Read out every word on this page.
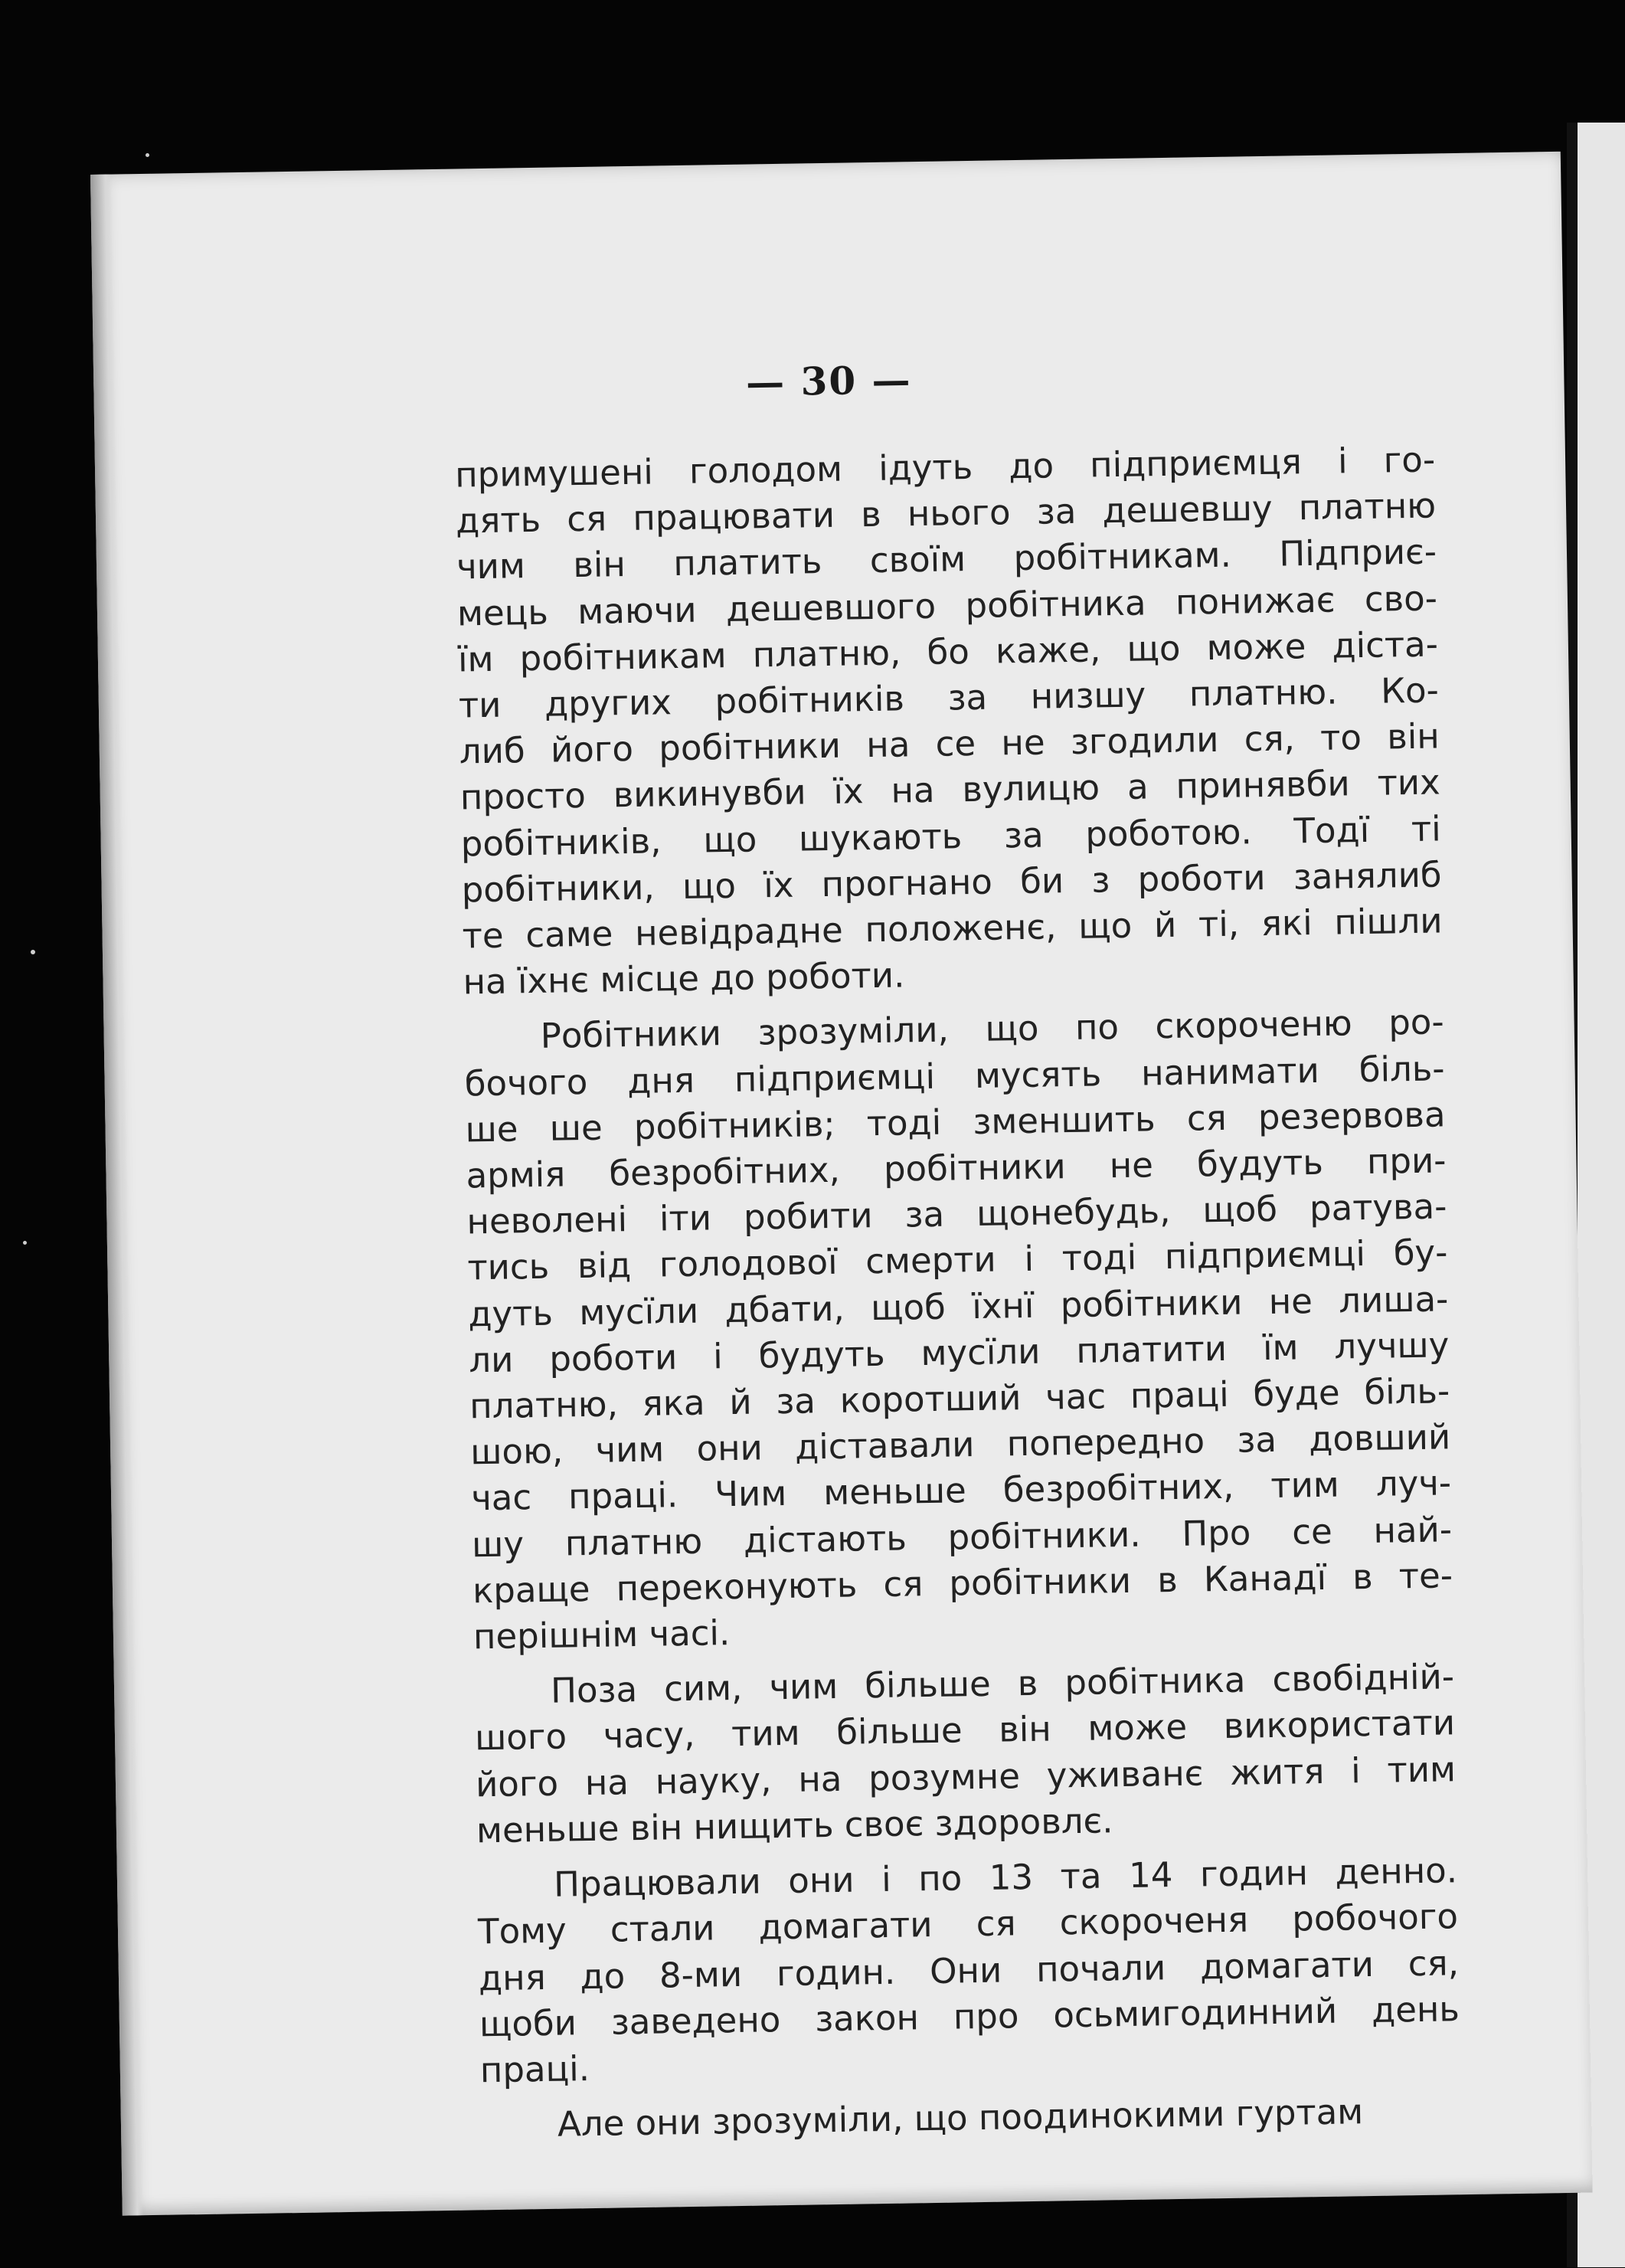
— 30 —
примушені голодом ідуть до підприємця і го-
дять ся працювати в нього за дешевшу платню
чим він платить своїм робітникам. Підприє-
мець маючи дешевшого робітника понижає сво-
їм робітникам платню, бо каже, що може діста-
ти других робітників за низшу платню. Ко-
либ його робітники на се не згодили ся, то він
просто викинувби їх на вулицю а принявби тих
робітників, що шукають за роботою. Тодї ті
робітники, що їх прогнано би з роботи занялиб
те саме невідрадне положенє, що й ті, які пішли
на їхнє місце до роботи.
Робітники зрозуміли, що по скороченю ро-
бочого дня підприємці мусять нанимати біль-
ше ше робітників; тоді зменшить ся резервова
армія безробітних, робітники не будуть при-
неволені іти робити за щонебудь, щоб ратува-
тись від голодової смерти і тоді підприємці бу-
дуть мусїли дбати, щоб їхнї робітники не лиша-
ли роботи і будуть мусїли платити їм лучшу
платню, яка й за коротший час праці буде біль-
шою, чим они діставали попередно за довший
час праці. Чим меньше безробітних, тим луч-
шу платню дістають робітники. Про се най-
краще переконують ся робітники в Канадї в те-
перішнім часі.
Поза сим, чим більше в робітника свобідній-
шого часу, тим більше він може використати
його на науку, на розумне уживанє житя і тим
меньше він нищить своє здоровлє.
Працювали они і по 13 та 14 годин денно.
Тому стали домагати ся скороченя робочого
дня до 8-ми годин. Они почали домагати ся,
щоби заведено закон про осьмигодинний день
праці.
Але они зрозуміли, що поодинокими гуртам
